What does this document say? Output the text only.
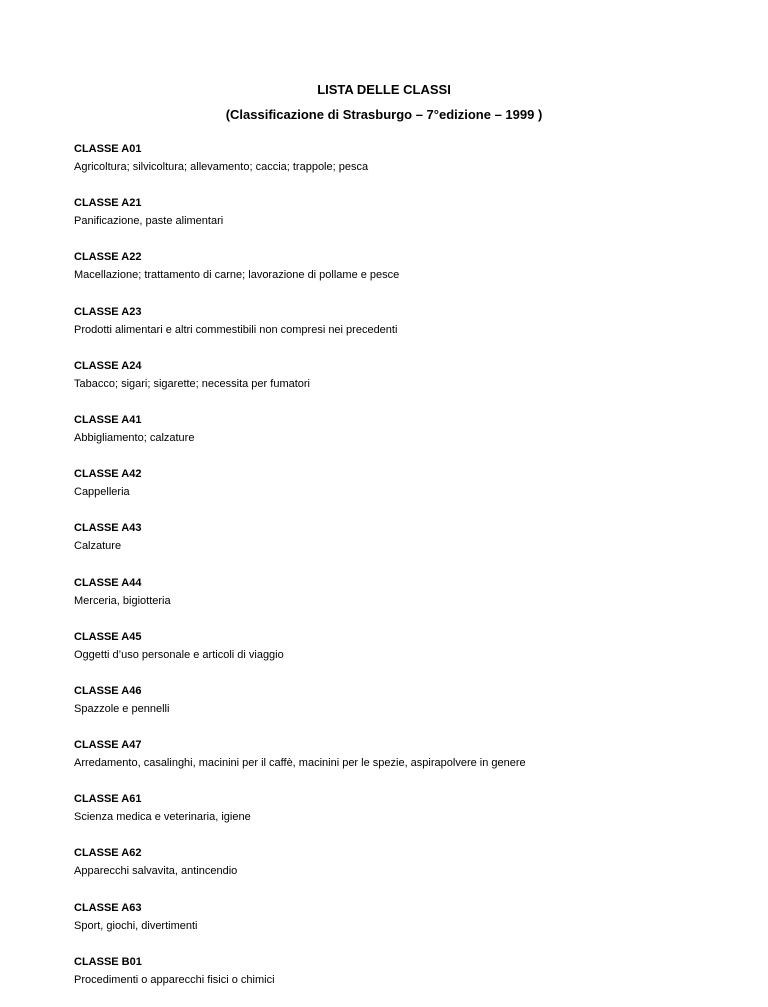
LISTA DELLE CLASSI
(Classificazione di Strasburgo – 7°edizione – 1999 )
CLASSE A01
Agricoltura; silvicoltura; allevamento; caccia; trappole; pesca
CLASSE A21
Panificazione, paste alimentari
CLASSE A22
Macellazione; trattamento di carne; lavorazione di pollame e pesce
CLASSE A23
Prodotti alimentari e altri commestibili non compresi nei precedenti
CLASSE A24
Tabacco; sigari; sigarette; necessita per fumatori
CLASSE A41
Abbigliamento; calzature
CLASSE A42
Cappelleria
CLASSE A43
Calzature
CLASSE A44
Merceria, bigiotteria
CLASSE A45
Oggetti d’uso personale e articoli di viaggio
CLASSE A46
Spazzole e pennelli
CLASSE A47
Arredamento, casalinghi, macinini per il caffè, macinini per le spezie, aspirapolvere in genere
CLASSE A61
Scienza medica e veterinaria, igiene
CLASSE A62
Apparecchi salvavita, antincendio
CLASSE A63
Sport, giochi, divertimenti
CLASSE B01
Procedimenti o apparecchi fisici o chimici
